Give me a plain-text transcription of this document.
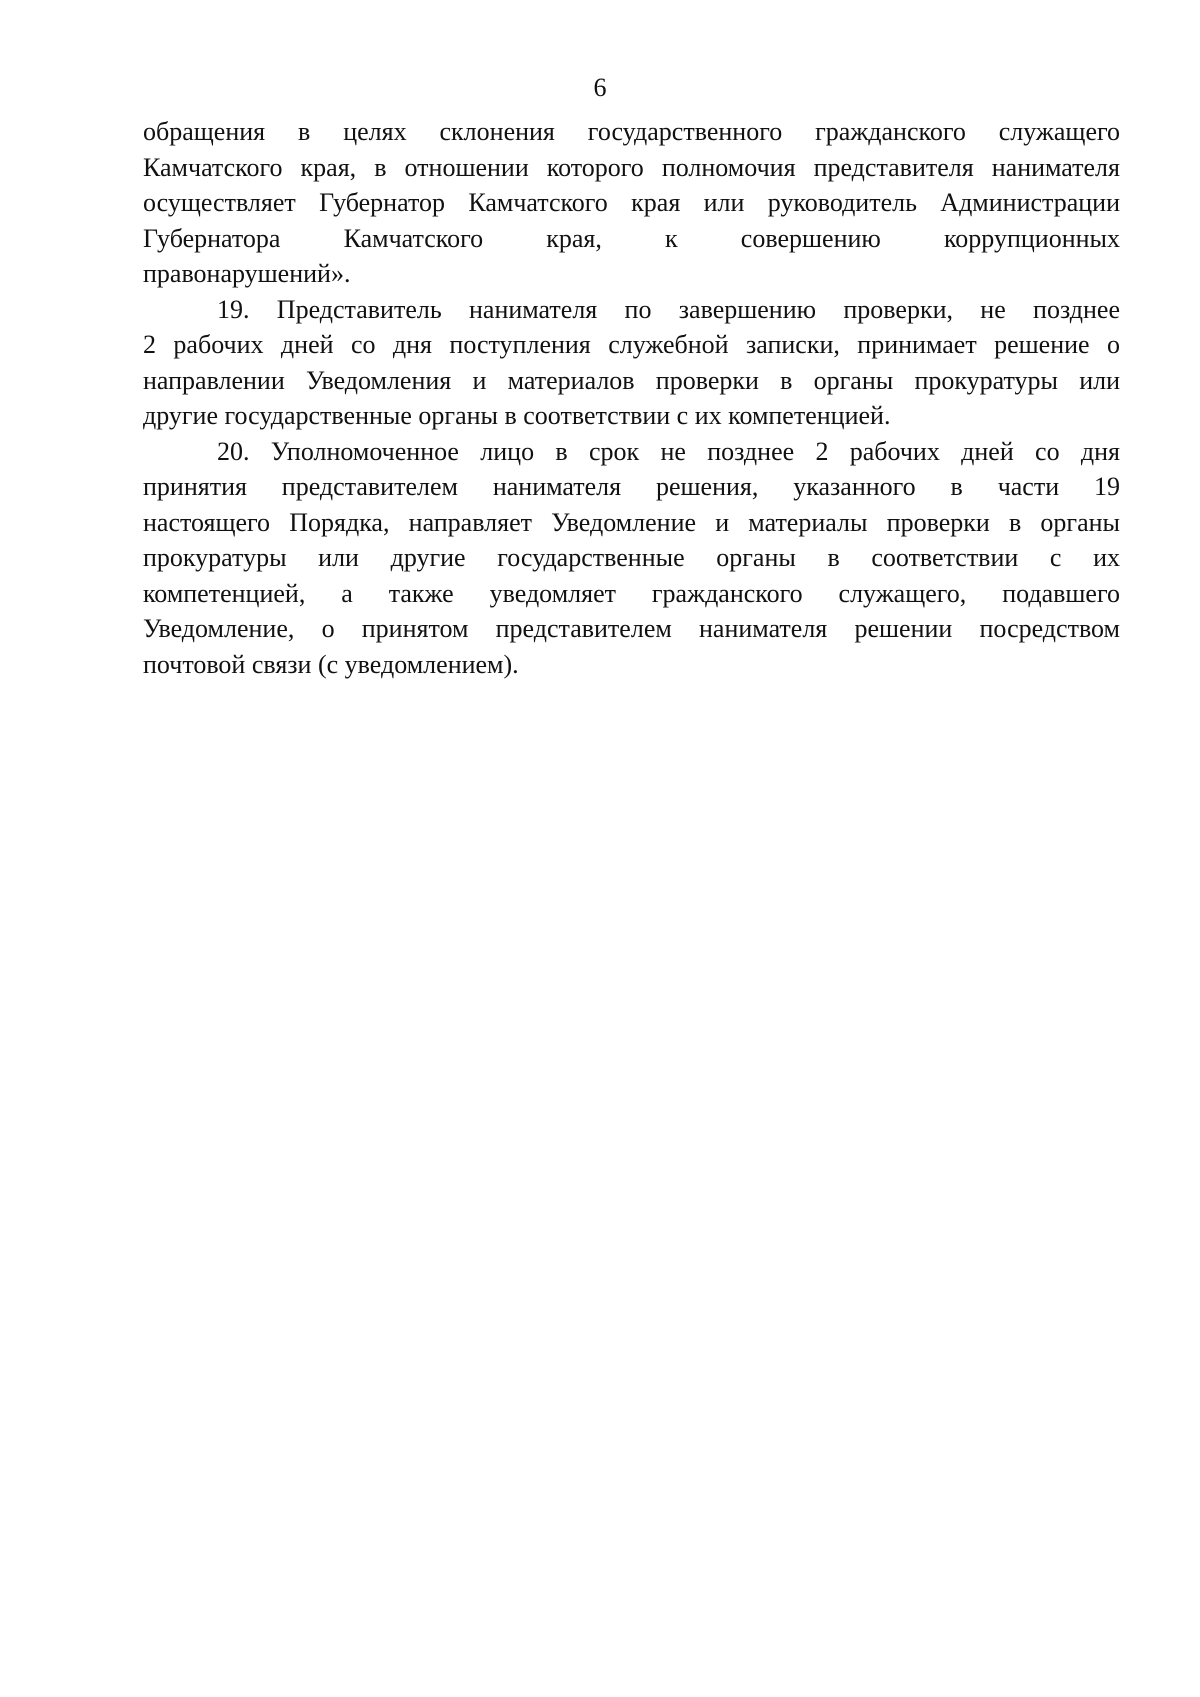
6

обращения в целях склонения государственного гражданского служащего
Камчатского края, в отношении которого полномочия представителя нанимателя
осуществляет Губернатор Камчатского края или руководитель Администрации
Губернатора Камчатского края, к совершению коррупционных
правонарушений».

19. Представитель нанимателя по завершению проверки, не позднее
2 рабочих дней со дня поступления служебной записки, принимает решение о
направлении Уведомления и материалов проверки в органы прокуратуры или
другие государственные органы в соответствии с их компетенцией.

20. Уполномоченное лицо в срок не позднее 2 рабочих дней со дня
принятия представителем нанимателя решения, указанного в части 19
настоящего Порядка, направляет Уведомление и материалы проверки в органы
прокуратуры или другие государственные органы в соответствии с их
компетенцией, а также уведомляет гражданского служащего, подавшего
Уведомление, о принятом представителем нанимателя решении посредством
почтовой связи (с уведомлением).
